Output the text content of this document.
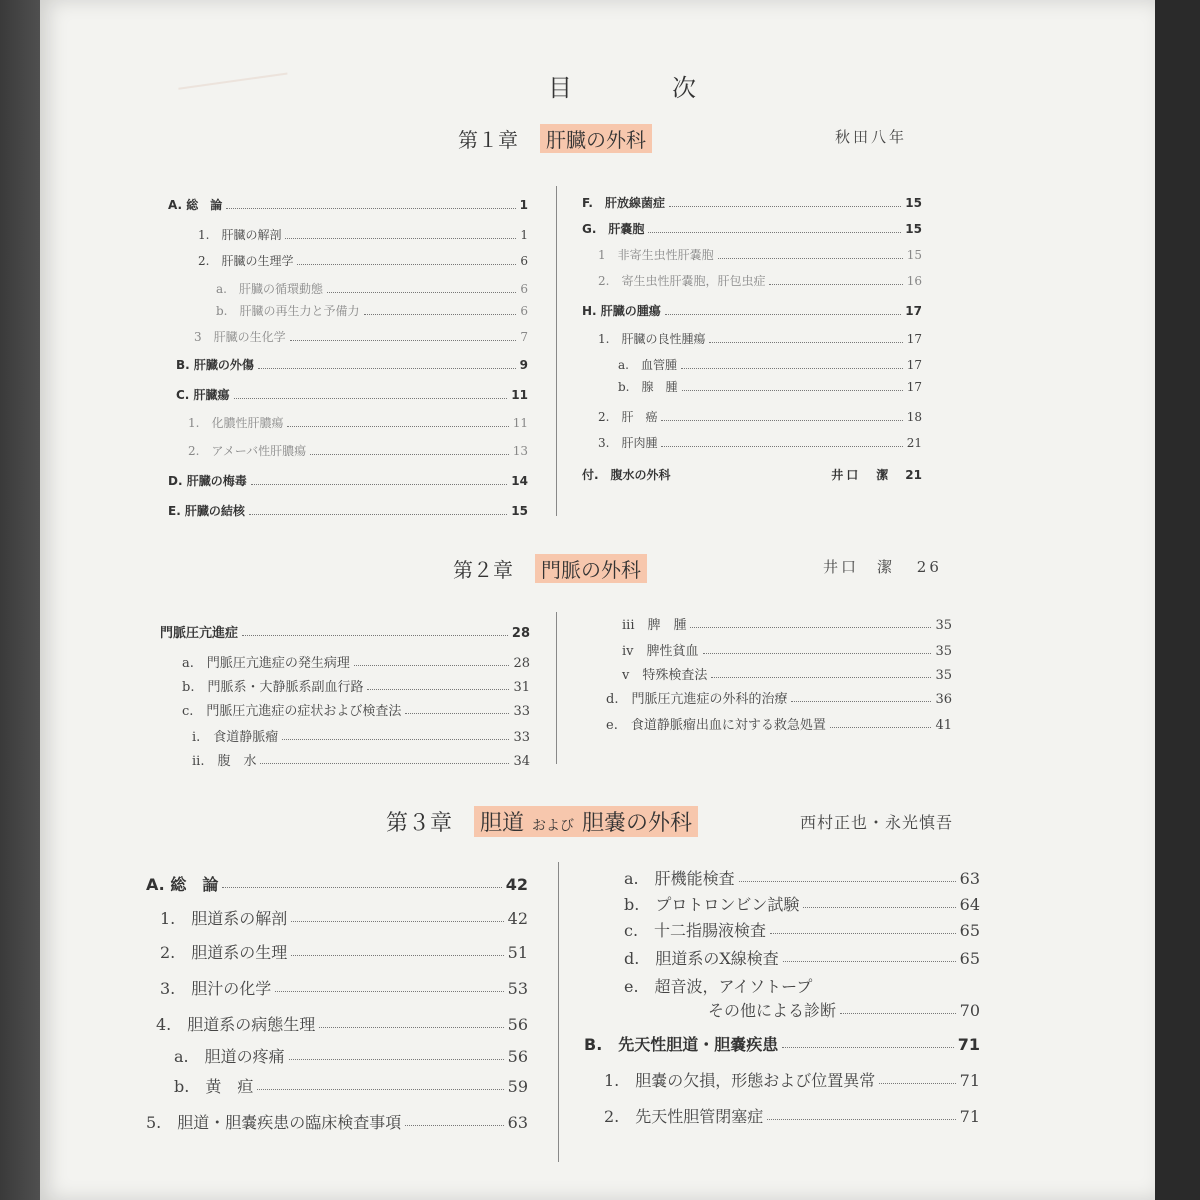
目　次
第１章	肝臓の外科	秋田八年
A. 総　論	1
1.　肝臓の解剖	1
2.　肝臓の生理学	6
a.　肝臓の循環動態	6
b.　肝臓の再生力と予備力	6
3　肝臓の生化学	7
B. 肝臓の外傷	9
C. 肝臓瘍	11
1.　化膿性肝膿瘍	11
2.　アメーバ性肝膿瘍	13
D. 肝臓の梅毒	14
E. 肝臓の結核	15
F.　肝放線菌症	15
G.　肝嚢胞	15
1　非寄生虫性肝嚢胞	15
2.　寄生虫性肝嚢胞，肝包虫症	16
H. 肝臓の腫瘍	17
1.　肝臓の良性腫瘍	17
a.　血管腫	17
b.　腺　腫	17
2.　肝　癌	18
3.　肝肉腫	21
付.　腹水の外科	井口　潔 21
第２章	門脈の外科	井口　潔 26
門脈圧亢進症	28
a.　門脈圧亢進症の発生病理	28
b.　門脈系・大静脈系副血行路	31
c.　門脈圧亢進症の症状および検査法	33
i.　食道静脈瘤	33
ii.　腹　水	34
iii　脾　腫	35
iv　脾性貧血	35
v　特殊検査法	35
d.　門脈圧亢進症の外科的治療	36
e.　食道静脈瘤出血に対する救急処置	41
第３章 胆道 および 胆嚢の外科	西村正也・永光慎吾
A. 総　論	42
1.　胆道系の解剖	42
2.　胆道系の生理	51
3.　胆汁の化学	53
4.　胆道系の病態生理	56
a.　胆道の疼痛	56
b.　黄　疸	59
5.　胆道・胆嚢疾患の臨床検査事項	63
a.　肝機能検査	63
b.　プロトロンビン試験	64
c.　十二指腸液検査	65
d.　胆道系のX線検査	65
e.　超音波，アイソトープ
その他による診断	70
B.　先天性胆道・胆嚢疾患	71
1.　胆嚢の欠損，形態および位置異常	71
2.　先天性胆管閉塞症	71
